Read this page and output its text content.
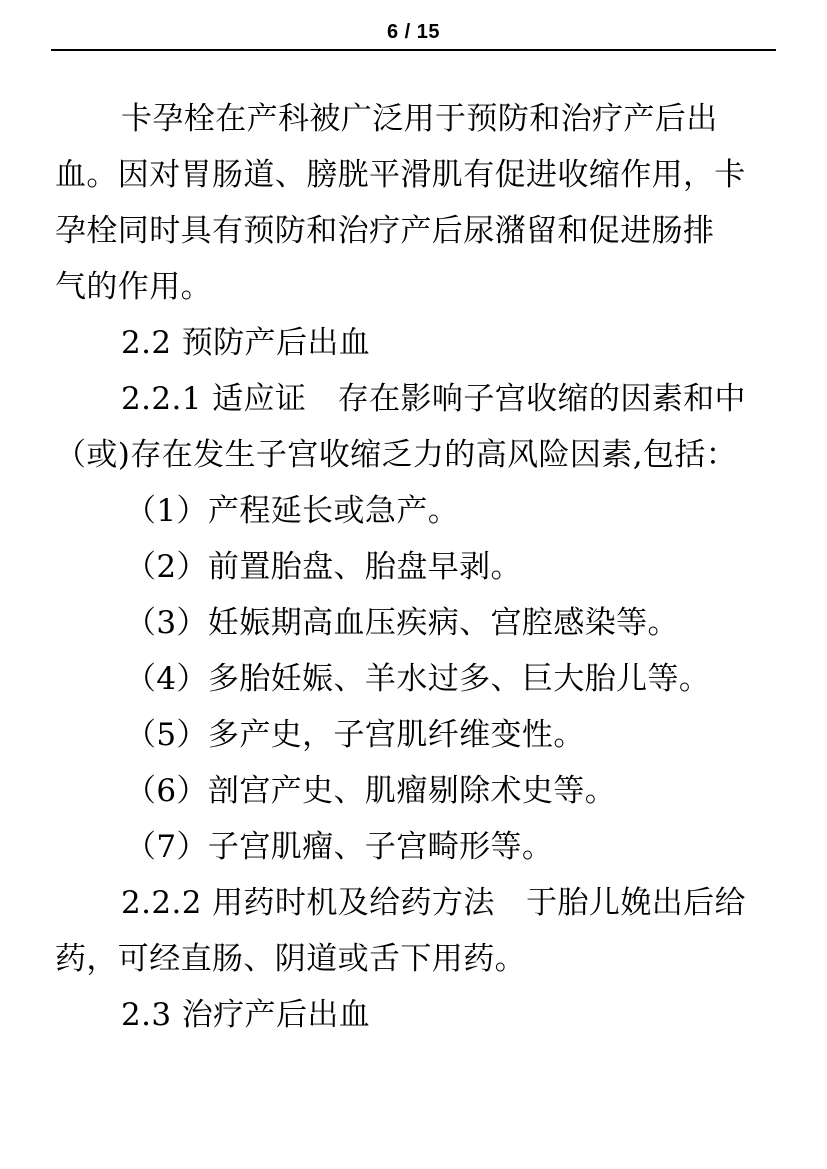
6 / 15
卡孕栓在产科被广泛用于预防和治疗产后出
血。因对胃肠道、膀胱平滑肌有促进收缩作用，卡
孕栓同时具有预防和治疗产后尿潴留和促进肠排
气的作用。
2.2 预防产后出血
2.2.1 适应证　存在影响子宫收缩的因素和中
（或)存在发生子宫收缩乏力的高风险因素,包括：
（1）产程延长或急产。
（2）前置胎盘、胎盘早剥。
（3）妊娠期高血压疾病、宫腔感染等。
（4）多胎妊娠、羊水过多、巨大胎儿等。
（5）多产史，子宫肌纤维变性。
（6）剖宫产史、肌瘤剔除术史等。
（7）子宫肌瘤、子宫畸形等。
2.2.2 用药时机及给药方法　于胎儿娩出后给
药，可经直肠、阴道或舌下用药。
2.3 治疗产后出血
